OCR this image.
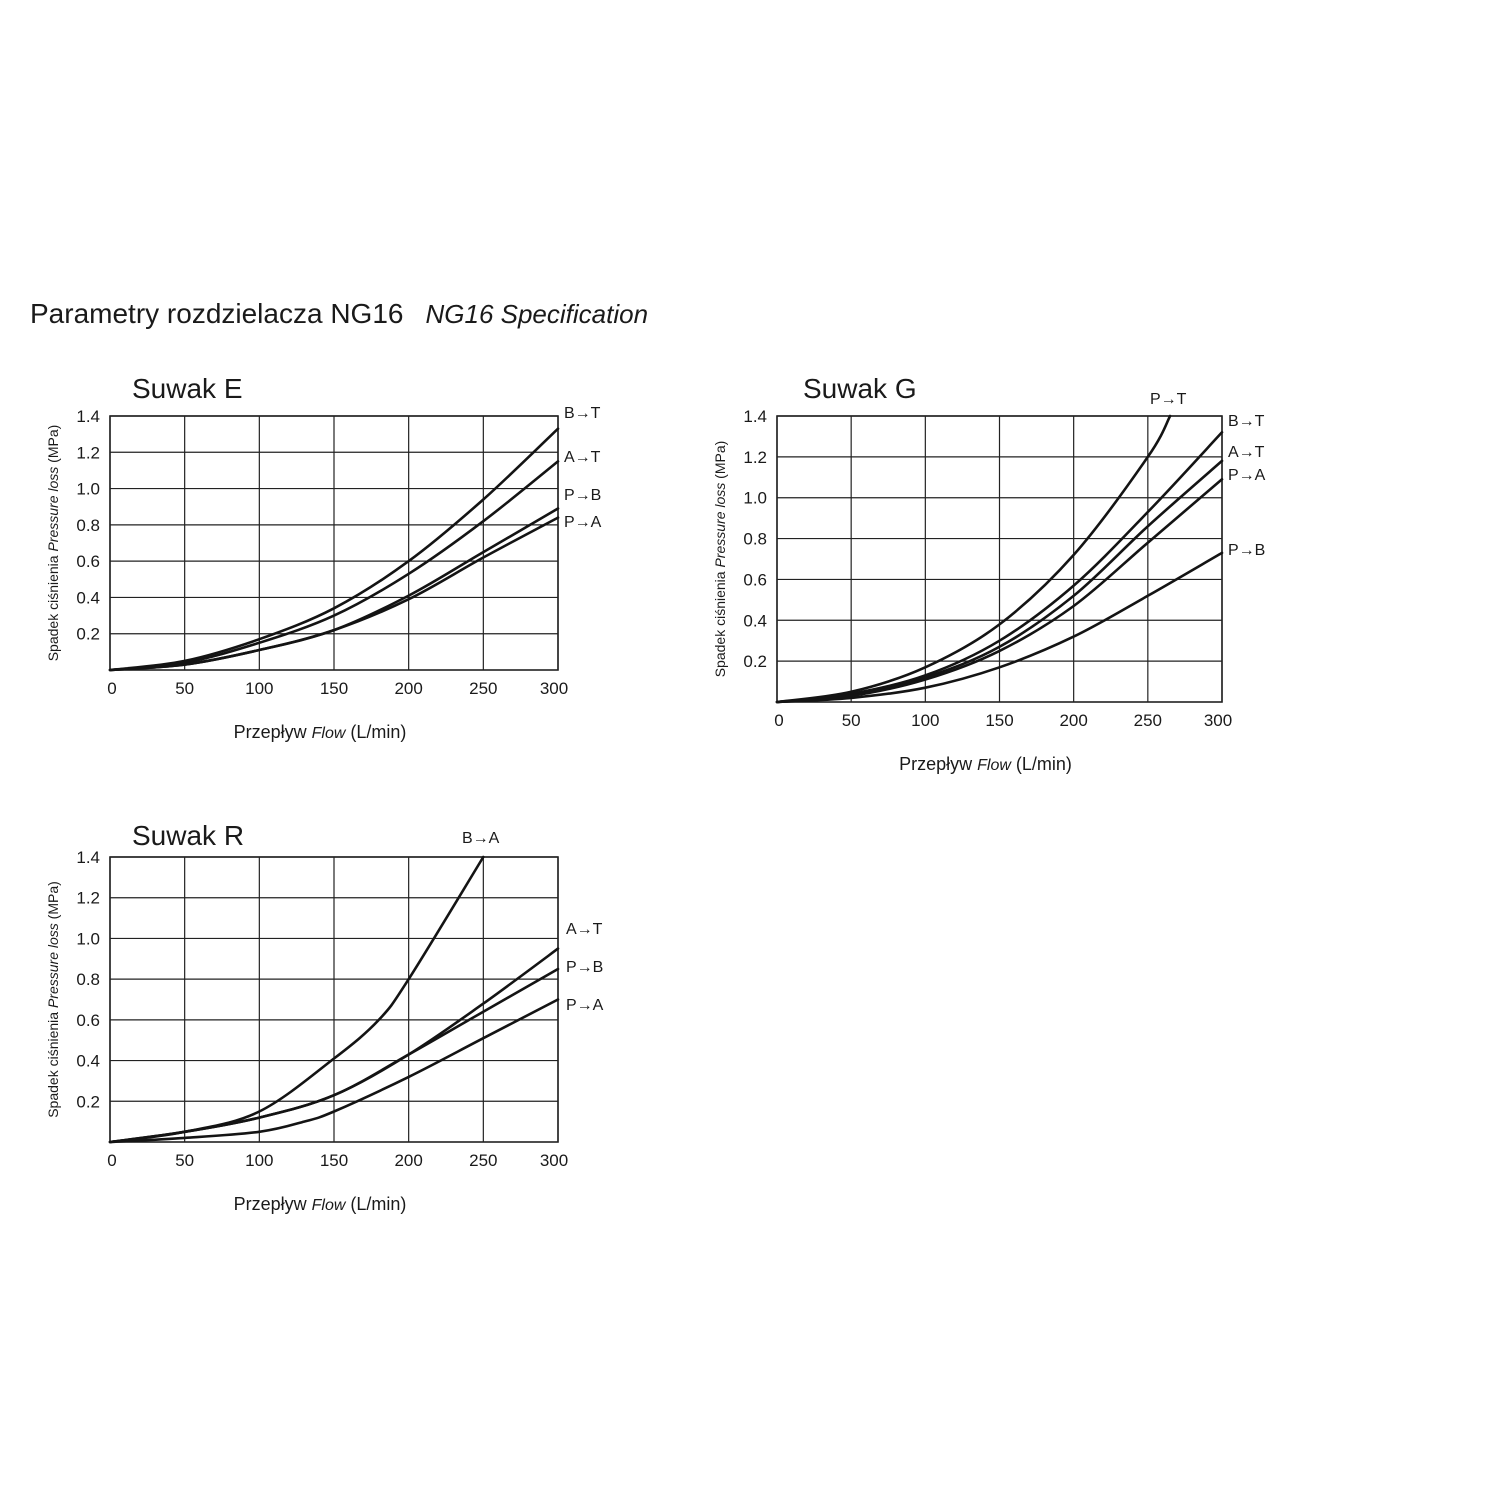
Parametry rozdzielacza NG16 NG16 Specification
Suwak E
0	50	100	150	200	250 300
0.2
0.4
0.6
0.8
1.0
1.2
1.4
Przepływ Flow (L/min)
Spadek ciśnienia Pressure loss (MPa)
B→T
A→T
P→B
P→A
Suwak G
0	50	100	150	200	250 300
0.2
0.4
0.6
0.8
1.0
1.2
1.4
Przepływ Flow (L/min)
Spadek ciśnienia Pressure loss (MPa)
P→T
B→T
A→T
P→A
P→B
Suwak R
0	50	100	150	200	250 300
0.2
0.4
0.6
0.8
1.0
1.2
1.4
Przepływ Flow (L/min)
Spadek ciśnienia Pressure loss (MPa)
B→A
A→T
P→B
P→A
